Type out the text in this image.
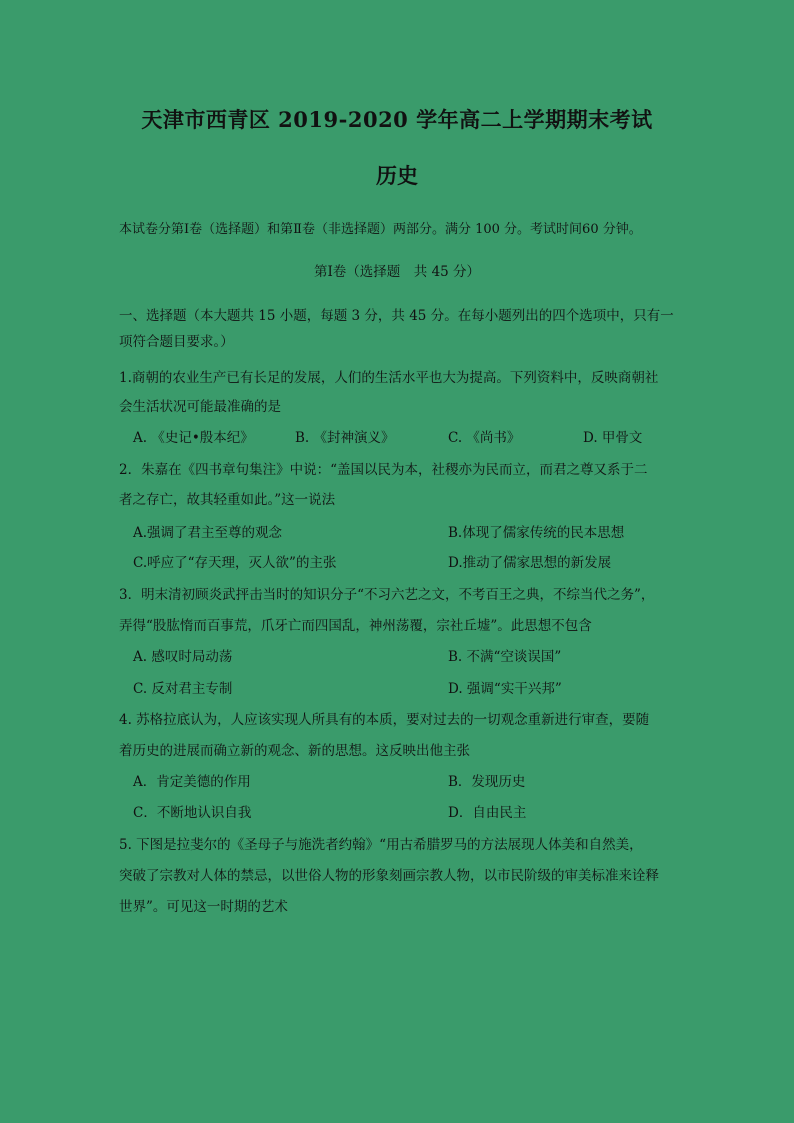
天津市西青区 2019-2020 学年高二上学期期末考试
历史
本试卷分第Ⅰ卷（选择题）和第Ⅱ卷（非选择题）两部分。满分 100 分。考试时间60 分钟。
第Ⅰ卷（选择题　共 45 分）
一、选择题（本大题共 15 小题，每题 3 分，共 45 分。在每小题列出的四个选项中，只有一
项符合题目要求。）
1.商朝的农业生产已有长足的发展，人们的生活水平也大为提高。下列资料中，反映商朝社
会生活状况可能最准确的是
A. 《史记•殷本纪》	B. 《封神演义》	C. 《尚书》	D. 甲骨文
2．朱嘉在《四书章句集注》中说：“盖国以民为本，社稷亦为民而立，而君之尊又系于二
者之存亡，故其轻重如此。”这一说法
A.强调了君主至尊的观念	B.体现了儒家传统的民本思想
C.呼应了“存天理，灭人欲”的主张	D.推动了儒家思想的新发展
3．明末清初顾炎武抨击当时的知识分子“不习六艺之文，不考百王之典，不综当代之务”，
弄得“股肱惰而百事荒，爪牙亡而四国乱，神州荡覆，宗社丘墟”。此思想不包含
A. 感叹时局动荡	B. 不满“空谈误国”
C. 反对君主专制	D. 强调“实干兴邦”
4. 苏格拉底认为，人应该实现人所具有的本质，要对过去的一切观念重新进行审查，要随
着历史的进展而确立新的观念、新的思想。这反映出他主张
A．肯定美德的作用	B．发现历史
C．不断地认识自我	D．自由民主
5. 下图是拉斐尔的《圣母子与施洗者约翰》“用古希腊罗马的方法展现人体美和自然美，
突破了宗教对人体的禁忌，以世俗人物的形象刻画宗教人物，以市民阶级的审美标准来诠释
世界”。可见这一时期的艺术
